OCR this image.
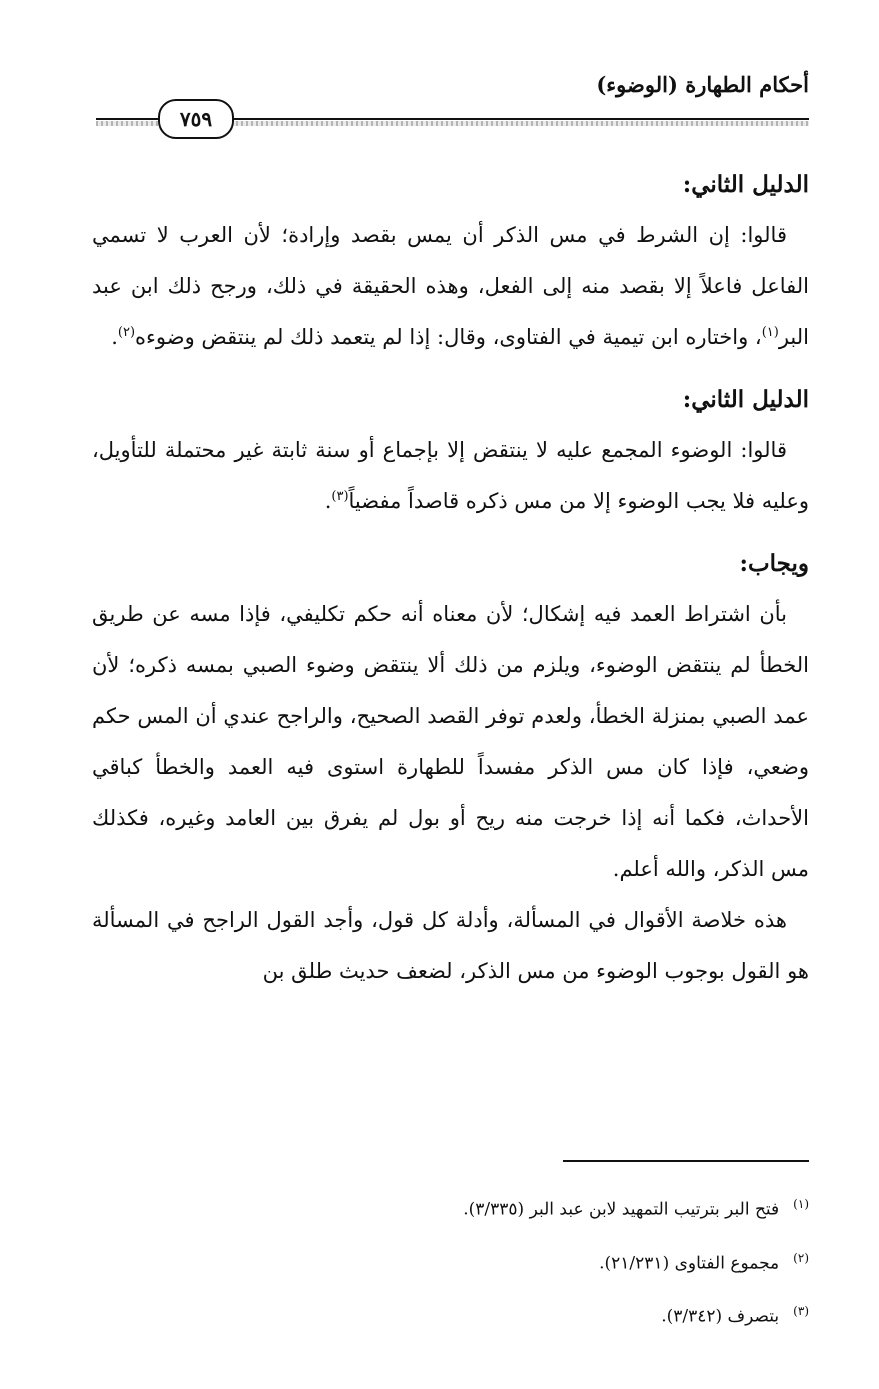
أحكام الطهارة (الوضوء)
٧٥٩
الدليل الثاني:

قالوا: إن الشرط في مس الذكر أن يمس بقصد وإرادة؛ لأن العرب لا تسمي الفاعل فاعلاً إلا بقصد منه إلى الفعل، وهذه الحقيقة في ذلك، ورجح ذلك ابن عبد البر$^{(١)}$، واختاره ابن تيمية في الفتاوى، وقال: إذا لم يتعمد ذلك لم ينتقض وضوءه$^{(٢)}$.

الدليل الثاني:

قالوا: الوضوء المجمع عليه لا ينتقض إلا بإجماع أو سنة ثابتة غير محتملة للتأويل، وعليه فلا يجب الوضوء إلا من مس ذكره قاصداً مفضياً$^{(٣)}$.

ويجاب:

بأن اشتراط العمد فيه إشكال؛ لأن معناه أنه حكم تكليفي، فإذا مسه عن طريق الخطأ لم ينتقض الوضوء، ويلزم من ذلك ألا ينتقض وضوء الصبي بمسه ذكره؛ لأن عمد الصبي بمنزلة الخطأ، ولعدم توفر القصد الصحيح، والراجح عندي أن المس حكم وضعي، فإذا كان مس الذكر مفسداً للطهارة استوى فيه العمد والخطأ كباقي الأحداث، فكما أنه إذا خرجت منه ريح أو بول لم يفرق بين العامد وغيره، فكذلك مس الذكر، والله أعلم.

هذه خلاصة الأقوال في المسألة، وأدلة كل قول، وأجد القول الراجح في المسألة هو القول بوجوب الوضوء من مس الذكر، لضعف حديث طلق بن

$^{(١)}$فتح البر بترتيب التمهيد لابن عبد البر (٣/٣٣٥).

$^{(٢)}$مجموع الفتاوى (٢١/٢٣١).

$^{(٣)}$بتصرف (٣/٣٤٢).
